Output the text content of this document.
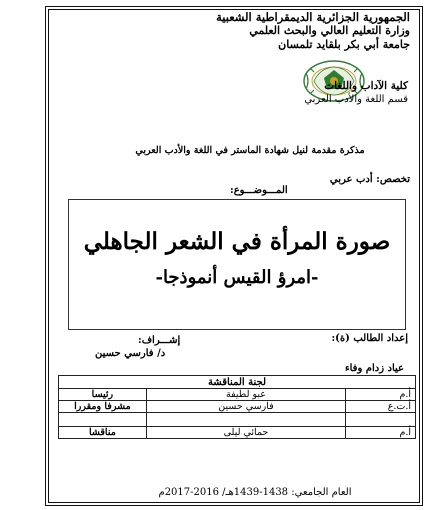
الجمهورية الجزائرية الديمقراطية الشعبية
وزارة التعليم العالي والبحث العلمي
جامعة أبي بكر بلقايد تلمسان
كلية الآداب واللغات
قسم اللغة والأدب العربي
مذكرة مقدمة لنيل شهادة الماستر في اللغة والأدب العربي
تخصص: أدب عربي
المـــوضـــوع:
صورة المرأة في الشعر الجاهلي
-امرؤ القيس أنموذجا-
إعداد الطالب (ة):
إشـــراف:
د/ فارسي حسين
عياد زدام وفاء
لجنة المناقشة		
أ.م	عبو لطيفة	رئيسا
أ.ت.ع	فارسي حسين	مشرفا ومقررا

أ.م	حمائي ليلى	مناقشا
العام الجامعي: 1438-1439هـ/ 2016-2017م
